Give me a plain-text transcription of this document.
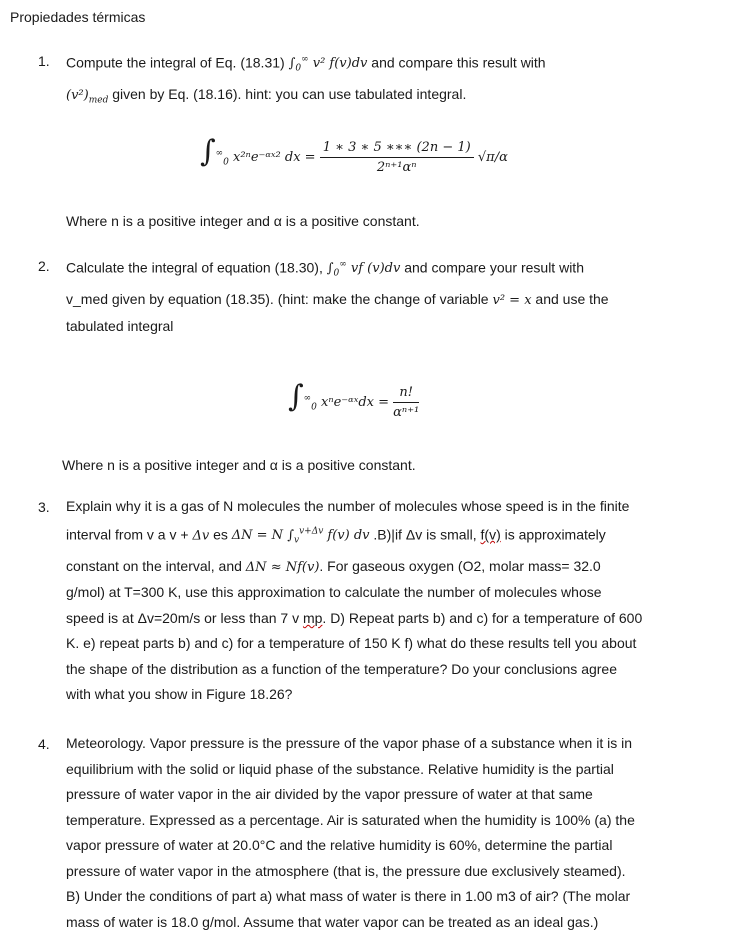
Propiedades térmicas
1. Compute the integral of Eq. (18.31) $\int_0^\infty$ v² f(v)dv and compare this result with
$(v^2)_{med}$ given by Eq. (18.16). hint: you can use tabulated integral.

$\int^\infty_0$ x²ⁿe⁻ᵅˣ² dx = $\frac{1 ∗ 3 ∗ 5 ∗∗∗ (2n - 1)}{\text{2ⁿ⁺¹αⁿ}} √\pi/\alpha$

Where n is a positive integer and α is a positive constant.

2. Calculate the integral of equation (18.30), $\int_0^\infty$ vf (v)dv and compare your result with
v_med given by equation (18.35). (hint: make the change of variable v² = x and use the
tabulated integral

$\int^\infty_0$ xⁿe⁻ᵅˣdx = $\frac{n!}{\text{αⁿ⁺¹}}$

Where n is a positive integer and α is a positive constant.

3. Explain why it is a gas of N molecules the number of molecules whose speed is in the finite
interval from v a v + Δv es ΔN = N $\int_v^{v+\Delta v}$ f(v) dv .B)|if Δv is small, f(v) is approximately
constant on the interval, and ΔN ≈ Nf(v). For gaseous oxygen (O2, molar mass= 32.0
g/mol) at T=300 K, use this approximation to calculate the number of molecules whose
speed is at Δv=20m/s or less than 7 v mp. D) Repeat parts b) and c) for a temperature of 600
K. e) repeat parts b) and c) for a temperature of 150 K f) what do these results tell you about
the shape of the distribution as a function of the temperature? Do your conclusions agree
with what you show in Figure 18.26?

4. Meteorology. Vapor pressure is the pressure of the vapor phase of a substance when it is in
equilibrium with the solid or liquid phase of the substance. Relative humidity is the partial
pressure of water vapor in the air divided by the vapor pressure of water at that same
temperature. Expressed as a percentage. Air is saturated when the humidity is 100% (a) the
vapor pressure of water at 20.0°C and the relative humidity is 60%, determine the partial
pressure of water vapor in the atmosphere (that is, the pressure due exclusively steamed).
B) Under the conditions of part a) what mass of water is there in 1.00 m3 of air? (The molar
mass of water is 18.0 g/mol. Assume that water vapor can be treated as an ideal gas.)
